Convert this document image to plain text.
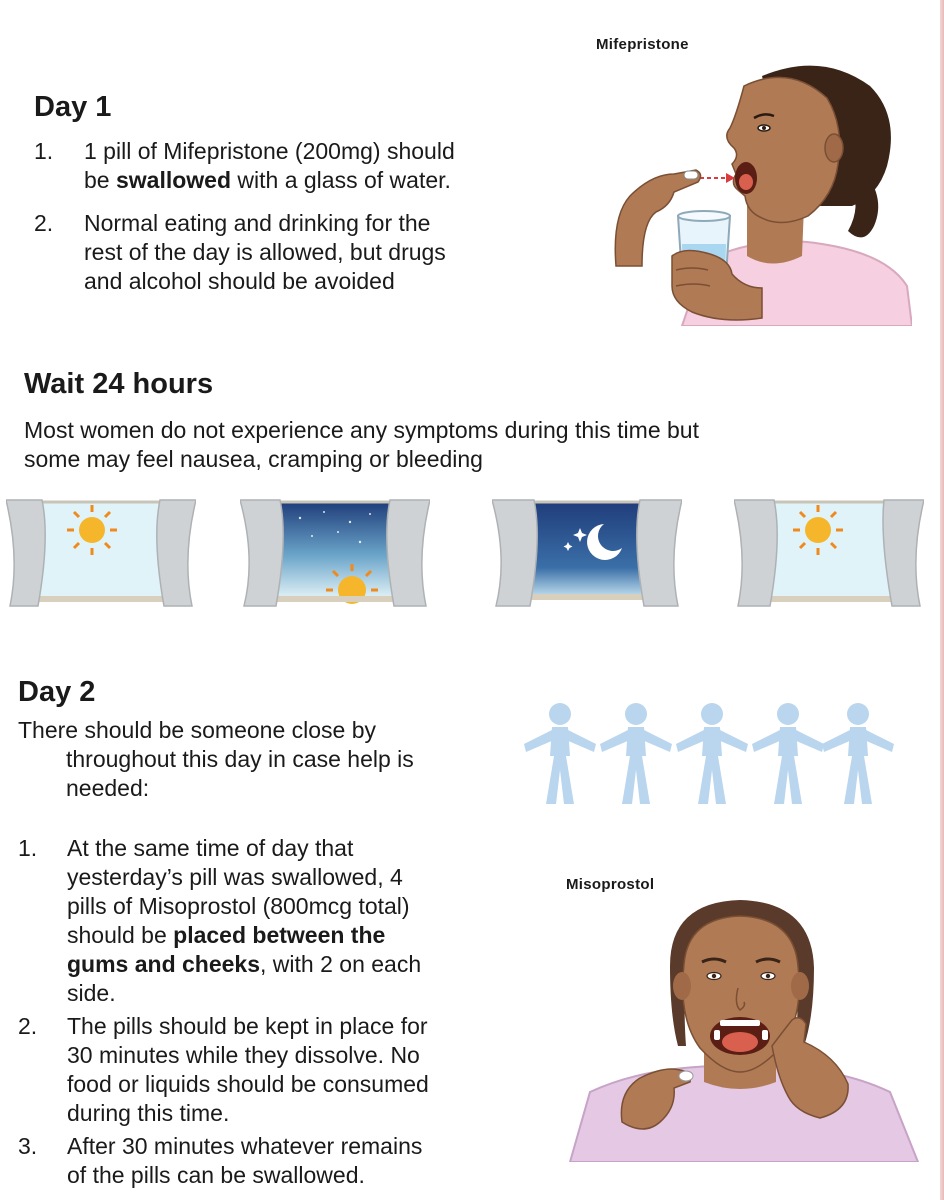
Day 1
1. 1 pill of Mifepristone (200mg) should
be swallowed with a glass of water.
2. Normal eating and drinking for the
rest of the day is allowed, but drugs
and alcohol should be avoided
Mifepristone
Wait 24 hours
Most women do not experience any symptoms during this time but
some may feel nausea, cramping or bleeding
Day 2
There should be someone close by
throughout this day in case help is
needed:
1. At the same time of day that
yesterday’s pill was swallowed, 4
pills of Misoprostol (800mcg total)
should be placed between the
gums and cheeks, with 2 on each
side.
2. The pills should be kept in place for
30 minutes while they dissolve. No
food or liquids should be consumed
during this time.
3. After 30 minutes whatever remains
of the pills can be swallowed.
Misoprostol
